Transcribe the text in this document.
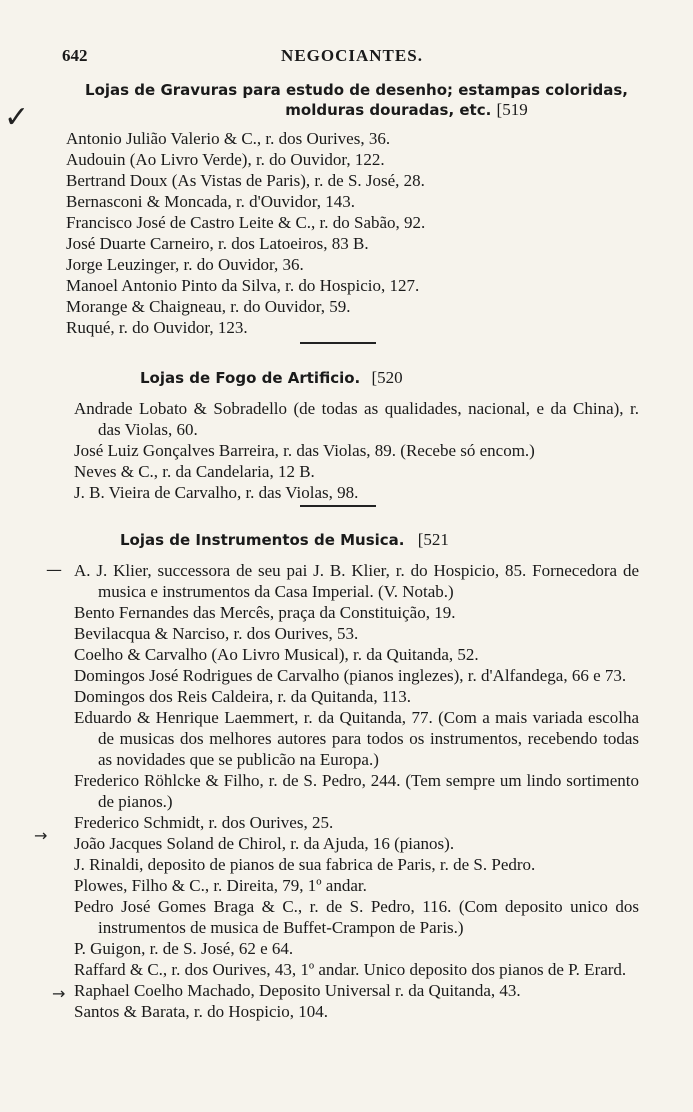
642	NEGOCIANTES.
✓
—
→
→
Lojas de Gravuras para estudo de desenho; estampas coloridas,
molduras douradas, etc. [519
Antonio Julião Valerio & C., r. dos Ourives, 36.
Audouin (Ao Livro Verde), r. do Ouvidor, 122.
Bertrand Doux (As Vistas de Paris), r. de S. José, 28.
Bernasconi & Moncada, r. d'Ouvidor, 143.
Francisco José de Castro Leite & C., r. do Sabão, 92.
José Duarte Carneiro, r. dos Latoeiros, 83 B.
Jorge Leuzinger, r. do Ouvidor, 36.
Manoel Antonio Pinto da Silva, r. do Hospicio, 127.
Morange & Chaigneau, r. do Ouvidor, 59.
Ruqué, r. do Ouvidor, 123.
Lojas de Fogo de Artificio. [520
Andrade Lobato & Sobradello (de todas as qualidades, nacional, e da China), r. das Violas, 60.
José Luiz Gonçalves Barreira, r. das Violas, 89. (Recebe só encom.)
Neves & C., r. da Candelaria, 12 B.
J. B. Vieira de Carvalho, r. das Violas, 98.
Lojas de Instrumentos de Musica. [521
A. J. Klier, successora de seu pai J. B. Klier, r. do Hospicio, 85. Fornecedora de musica e instrumentos da Casa Imperial. (V. Notab.)
Bento Fernandes das Mercês, praça da Constituição, 19.
Bevilacqua & Narciso, r. dos Ourives, 53.
Coelho & Carvalho (Ao Livro Musical), r. da Quitanda, 52.
Domingos José Rodrigues de Carvalho (pianos inglezes), r. d'Alfandega, 66 e 73.
Domingos dos Reis Caldeira, r. da Quitanda, 113.
Eduardo & Henrique Laemmert, r. da Quitanda, 77. (Com a mais variada escolha de musicas dos melhores autores para todos os instrumentos, recebendo todas as novidades que se publicão na Europa.)
Frederico Röhlcke & Filho, r. de S. Pedro, 244. (Tem sempre um lindo sortimento de pianos.)
Frederico Schmidt, r. dos Ourives, 25.
João Jacques Soland de Chirol, r. da Ajuda, 16 (pianos).
J. Rinaldi, deposito de pianos de sua fabrica de Paris, r. de S. Pedro.
Plowes, Filho & C., r. Direita, 79, 1º andar.
Pedro José Gomes Braga & C., r. de S. Pedro, 116. (Com deposito unico dos instrumentos de musica de Buffet-Crampon de Paris.)
P. Guigon, r. de S. José, 62 e 64.
Raffard & C., r. dos Ourives, 43, 1º andar. Unico deposito dos pianos de P. Erard.
Raphael Coelho Machado, Deposito Universal r. da Quitanda, 43.
Santos & Barata, r. do Hospicio, 104.
